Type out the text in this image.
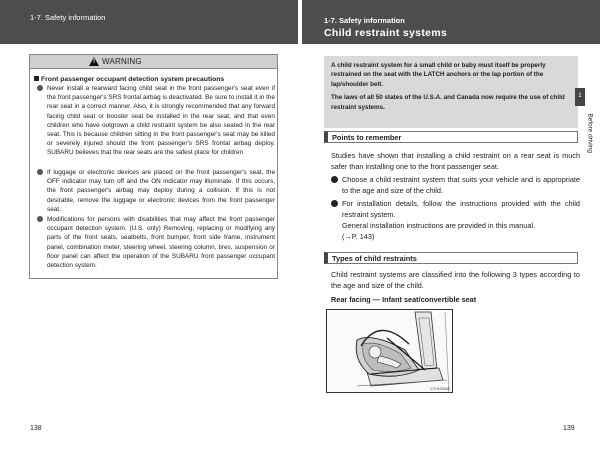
1-7. Safety information	1-7. Safety information
Child restraint systems
! WARNING
Front passenger occupant detection system precautions

Never install a rearward facing child seat in the front passenger's seat even if the front passenger's SRS frontal airbag is deactivated. Be sure to install it in the rear seat in a correct manner. Also, it is strongly recommended that any forward facing child seat or booster seat be installed in the rear seat, and that even children who have outgrown a child restraint system be also seated in the rear seat. This is because children sitting in the front passenger's seat may be killed or severely injured should the front passenger's SRS frontal airbag deploy. SUBARU believes that the rear seats are the safest place for children

If luggage or electronic devices are placed on the front passenger's seat, the OFF indicator may turn off and the ON indicator may illuminate. If this occurs, the front passenger's airbag may deploy during a collision. If this is not desirable, remove the luggage or electronic devices from the front passenger seat.

Modifications for persons with disabilities that may affect the front passenger occupant detection system. (U.S. only) Removing, replacing or modifying any parts of the front seats, seatbelts, front bumper, front side frame, instrument panel, combination meter, steering wheel, steering column, tires, suspension or floor panel can affect the operation of the SUBARU front passenger occupant detection system.

138

A child restraint system for a small child or baby must itself be properly restrained on the seat with the LATCH anchors or the lap portion of the lap/shoulder belt.

The laws of all 50 states of the U.S.A. and Canada now require the use of child restraint systems.

Points to remember
Studies have shown that installing a child restraint on a rear seat is much safer than installing one to the front passenger seat.

Choose a child restraint system that suits your vehicle and is appropriate to the age and size of the child.

For installation details, follow the instructions provided with the child restraint system.

General installation instructions are provided in this manual.

(→P. 143)

Types of child restraints
Child restraint systems are classified into the following 3 types according to the age and size of the child.
Rear facing — Infant seat/convertible seat
CTH1000A0
1
Before driving
139
